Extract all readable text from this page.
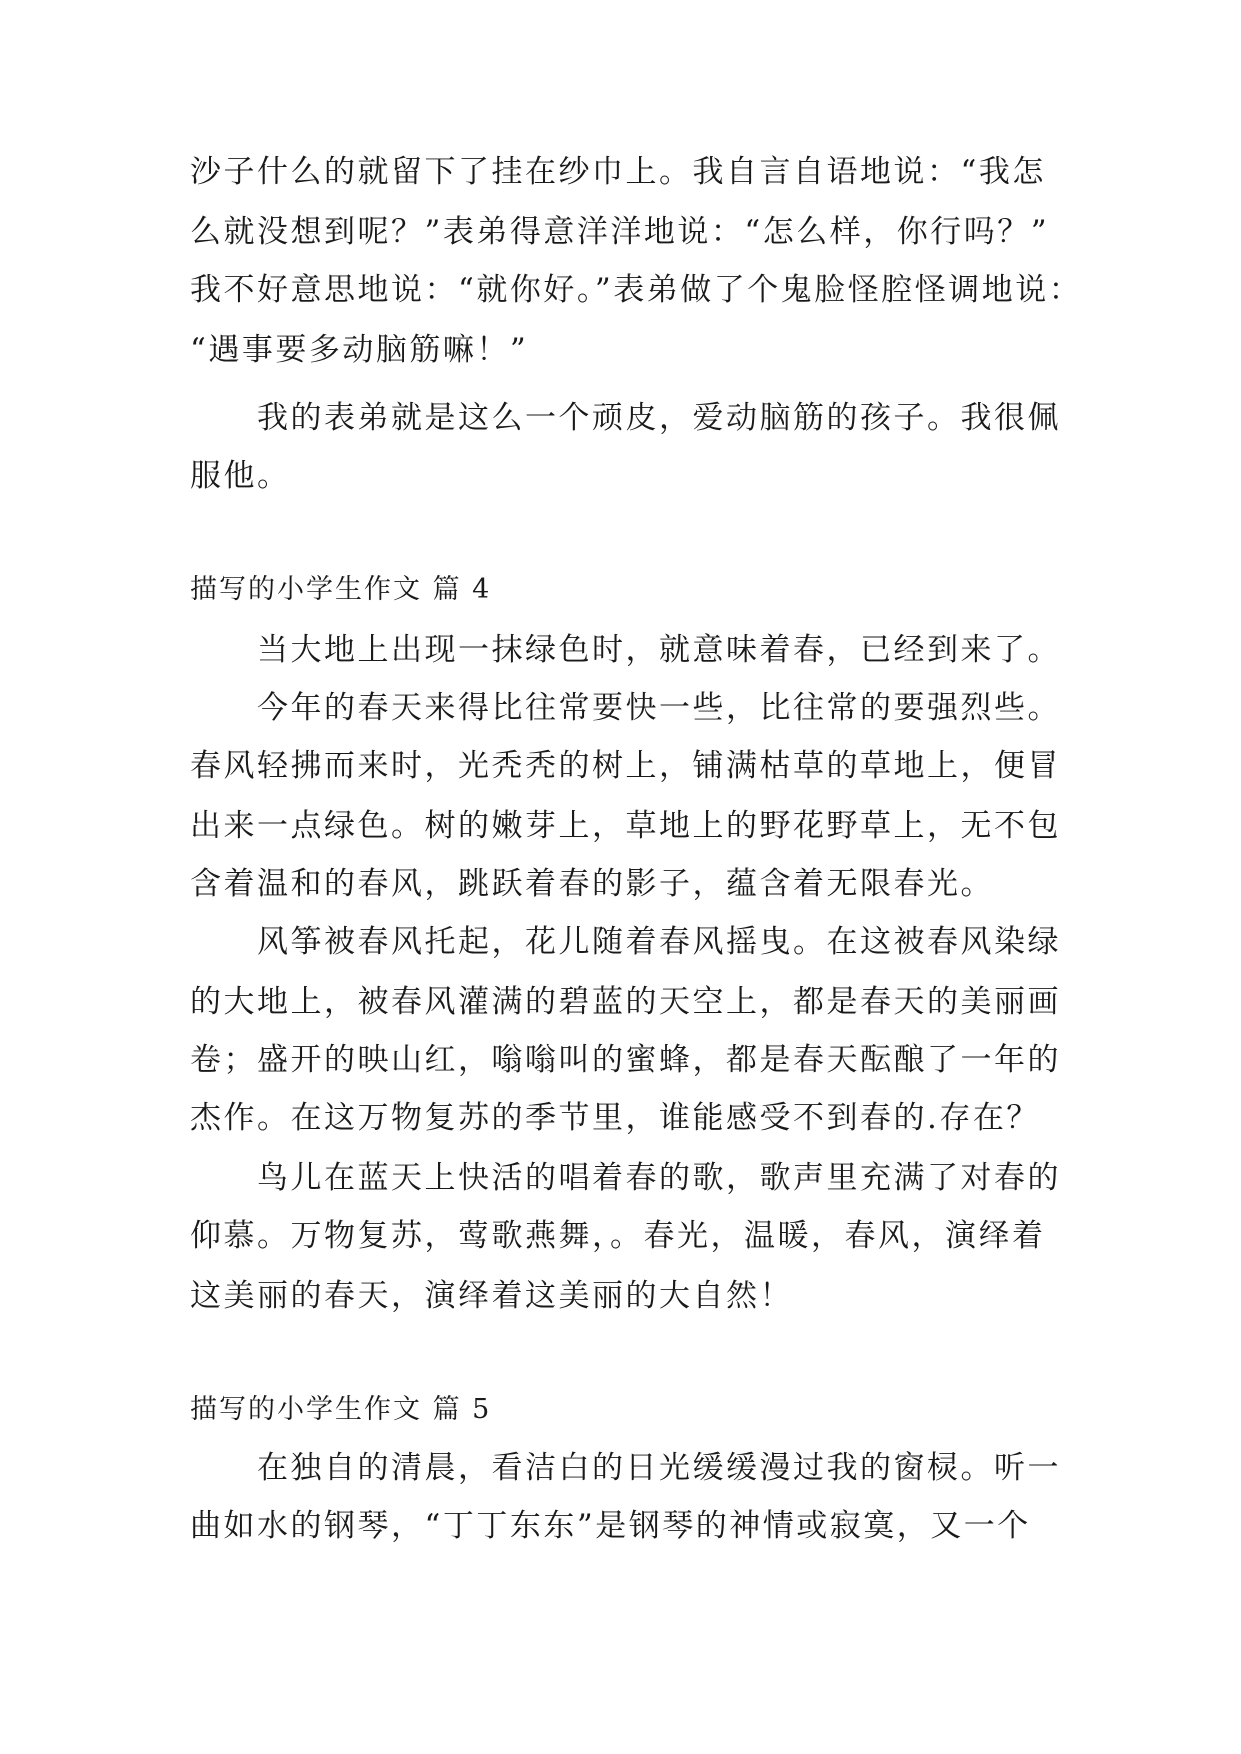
沙子什么的就留下了挂在纱巾上。我自言自语地说：“我怎
么就没想到呢？”表弟得意洋洋地说：“怎么样，你行吗？”
我不好意思地说：“就你好。”表弟做了个鬼脸怪腔怪调地说：
“遇事要多动脑筋嘛！”
　　我的表弟就是这么一个顽皮，爱动脑筋的孩子。我很佩
服他。
描写的小学生作文 篇 4
　　当大地上出现一抹绿色时，就意味着春，已经到来了。
　　今年的春天来得比往常要快一些，比往常的要强烈些。
春风轻拂而来时，光秃秃的树上，铺满枯草的草地上，便冒
出来一点绿色。树的嫩芽上，草地上的野花野草上，无不包
含着温和的春风，跳跃着春的影子，蕴含着无限春光。
　　风筝被春风托起，花儿随着春风摇曳。在这被春风染绿
的大地上，被春风灌满的碧蓝的天空上，都是春天的美丽画
卷；盛开的映山红，嗡嗡叫的蜜蜂，都是春天酝酿了一年的
杰作。在这万物复苏的季节里，谁能感受不到春的.存在？
　　鸟儿在蓝天上快活的唱着春的歌，歌声里充满了对春的
仰慕。万物复苏，莺歌燕舞，。春光，温暖，春风，演绎着
这美丽的春天，演绎着这美丽的大自然！
描写的小学生作文 篇 5
　　在独自的清晨，看洁白的日光缓缓漫过我的窗棂。听一
曲如水的钢琴，“丁丁东东”是钢琴的神情或寂寞，又一个
